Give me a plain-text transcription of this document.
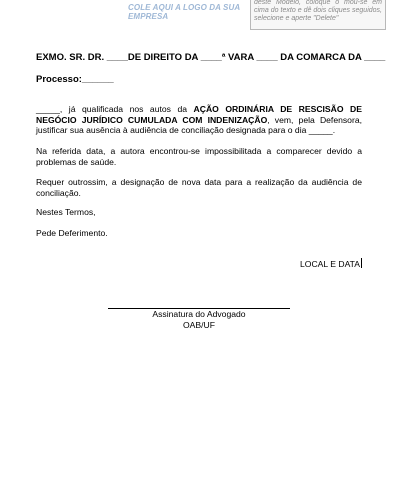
COLE AQUI A LOGO DA SUA EMPRESA
deste Modelo, coloque o mou-se em cima do texto e dê dois cliques seguidos, selecione e aperte "Delete"
EXMO. SR. DR. ____DE DIREITO DA ____ª VARA ____ DA COMARCA DA ____
Processo:______
_____, já qualificada nos autos da AÇÃO ORDINÁRIA DE RESCISÃO DE NEGÓCIO JURÍDICO CUMULADA COM INDENIZAÇÃO, vem, pela Defensora, justificar sua ausência à audiência de conciliação designada para o dia _____.
Na referida data, a autora encontrou-se impossibilitada a comparecer devido a problemas de saúde.
Requer outrossim, a designação de nova data para a realização da audiência de conciliação.
Nestes Termos,
Pede Deferimento.
LOCAL E DATA
Assinatura do Advogado
OAB/UF
